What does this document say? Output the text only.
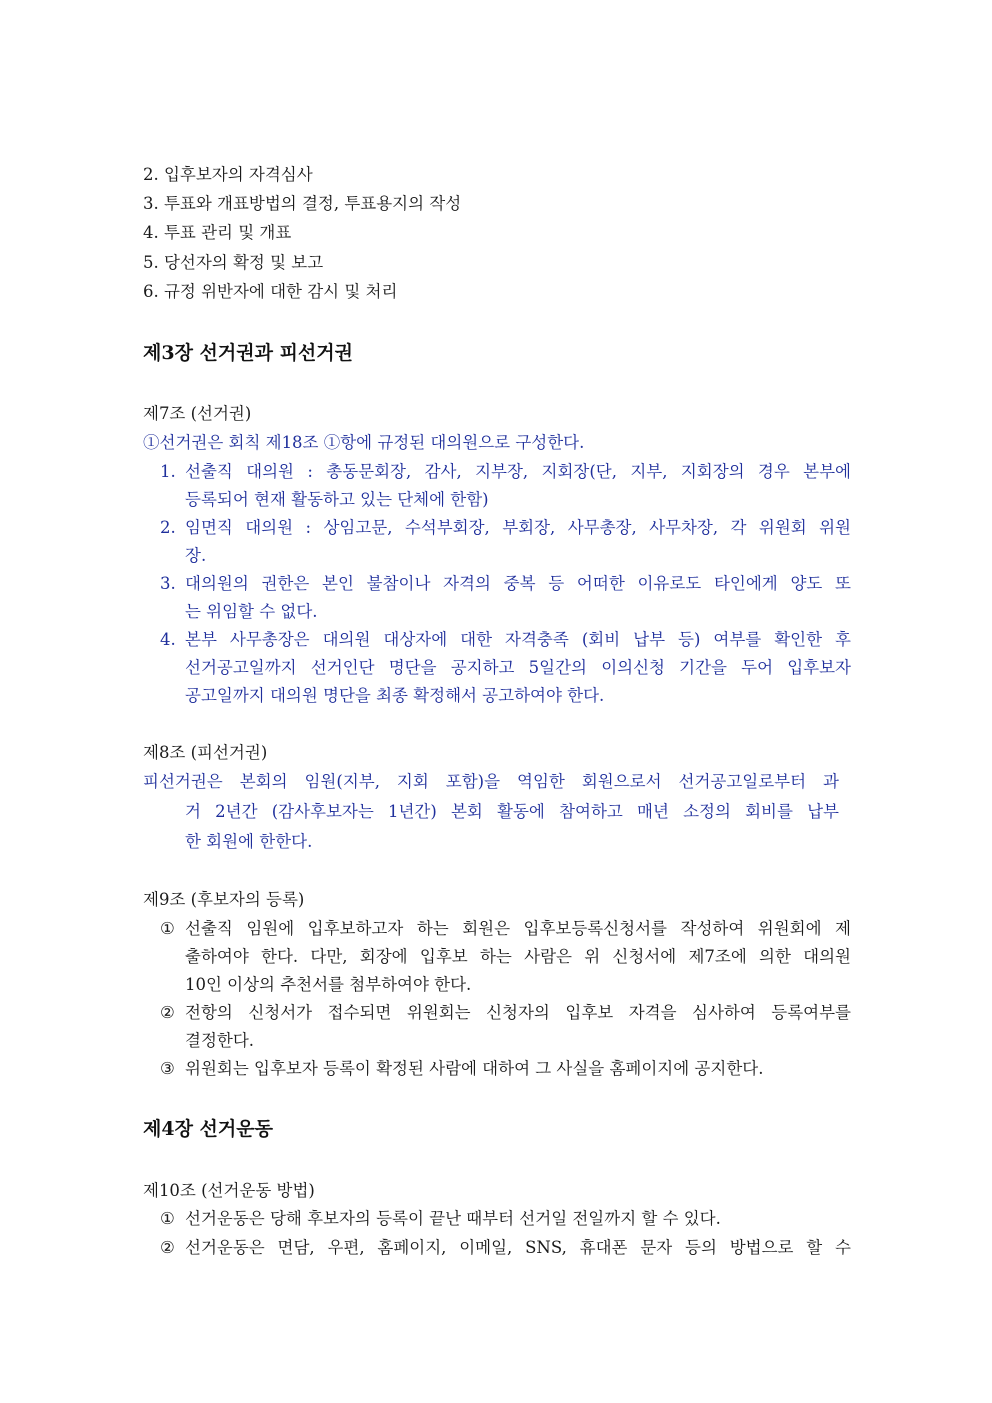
2. 입후보자의 자격심사
3. 투표와 개표방법의 결정, 투표용지의 작성
4. 투표 관리 및 개표
5. 당선자의 확정 및 보고
6. 규정 위반자에 대한 감시 및 처리
제3장 선거권과 피선거권
제7조 (선거권)
①선거권은 회칙 제18조 ①항에 규정된 대의원으로 구성한다.
1. 선출직 대의원 : 총동문회장, 감사, 지부장, 지회장(단, 지부, 지회장의 경우 본부에
등록되어 현재 활동하고 있는 단체에 한함)
2. 임면직 대의원 : 상임고문, 수석부회장, 부회장, 사무총장, 사무차장, 각 위원회 위원
장.
3. 대의원의 권한은 본인 불참이나 자격의 중복 등 어떠한 이유로도 타인에게 양도 또
는 위임할 수 없다.
4. 본부 사무총장은 대의원 대상자에 대한 자격충족 (회비 납부 등) 여부를 확인한 후
선거공고일까지 선거인단 명단을 공지하고 5일간의 이의신청 기간을 두어 입후보자
공고일까지 대의원 명단을 최종 확정해서 공고하여야 한다.
제8조 (피선거권)
피선거권은 본회의 임원(지부, 지회 포함)을 역임한 회원으로서 선거공고일로부터 과
거 2년간 (감사후보자는 1년간) 본회 활동에 참여하고 매년 소정의 회비를 납부
한 회원에 한한다.
제9조 (후보자의 등록)
① 선출직 임원에 입후보하고자 하는 회원은 입후보등록신청서를 작성하여 위원회에 제
출하여야 한다. 다만, 회장에 입후보 하는 사람은 위 신청서에 제7조에 의한 대의원
10인 이상의 추천서를 첨부하여야 한다.
② 전항의 신청서가 접수되면 위원회는 신청자의 입후보 자격을 심사하여 등록여부를
결정한다.
③ 위원회는 입후보자 등록이 확정된 사람에 대하여 그 사실을 홈페이지에 공지한다.
제4장 선거운동
제10조 (선거운동 방법)
① 선거운동은 당해 후보자의 등록이 끝난 때부터 선거일 전일까지 할 수 있다.
② 선거운동은 면담, 우편, 홈페이지, 이메일, SNS, 휴대폰 문자 등의 방법으로 할 수
